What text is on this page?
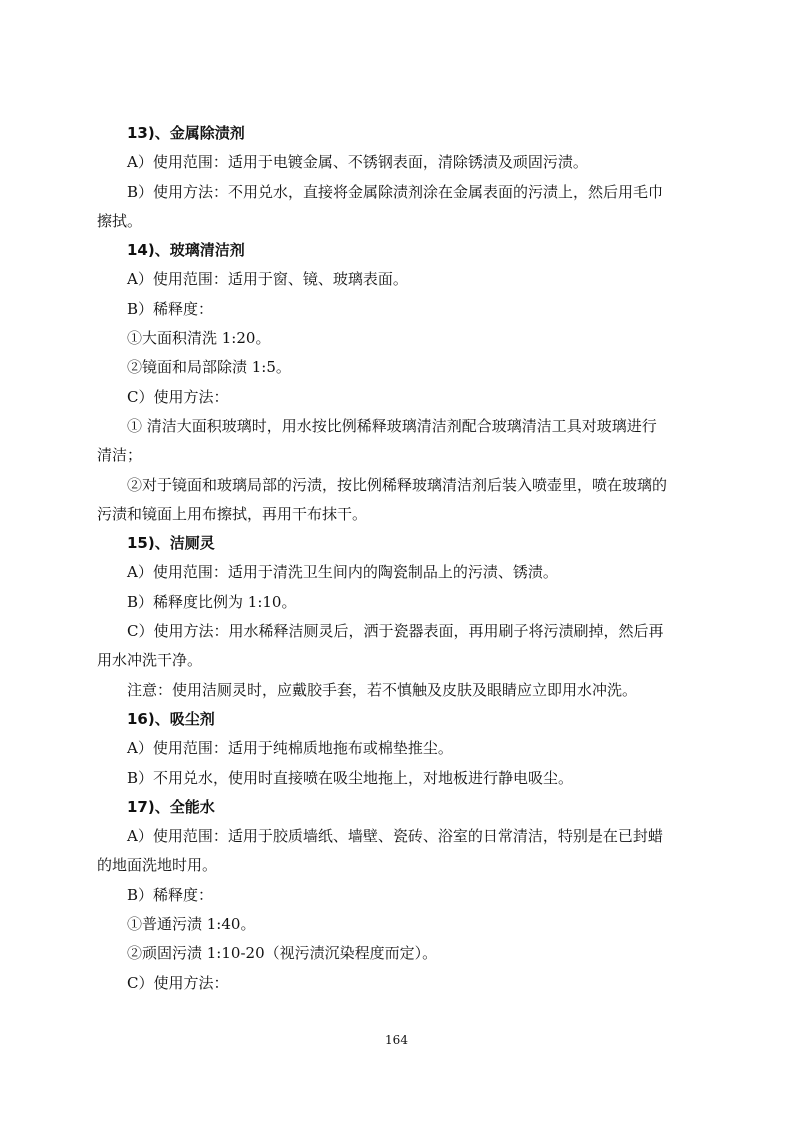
13)、金属除渍剂
A）使用范围：适用于电镀金属、不锈钢表面，清除锈渍及顽固污渍。
B）使用方法：不用兑水，直接将金属除渍剂涂在金属表面的污渍上，然后用毛巾
擦拭。
14)、玻璃清洁剂
A）使用范围：适用于窗、镜、玻璃表面。
B）稀释度：
①大面积清洗 1:20。
②镜面和局部除渍 1:5。
C）使用方法：
① 清洁大面积玻璃时，用水按比例稀释玻璃清洁剂配合玻璃清洁工具对玻璃进行
清洁；
②对于镜面和玻璃局部的污渍，按比例稀释玻璃清洁剂后装入喷壶里，喷在玻璃的
污渍和镜面上用布擦拭，再用干布抹干。
15)、洁厕灵
A）使用范围：适用于清洗卫生间内的陶瓷制品上的污渍、锈渍。
B）稀释度比例为 1:10。
C）使用方法：用水稀释洁厕灵后，洒于瓷器表面，再用刷子将污渍刷掉，然后再
用水冲洗干净。
注意：使用洁厕灵时，应戴胶手套，若不慎触及皮肤及眼睛应立即用水冲洗。
16)、吸尘剂
A）使用范围：适用于纯棉质地拖布或棉垫推尘。
B）不用兑水，使用时直接喷在吸尘地拖上，对地板进行静电吸尘。
17)、全能水
A）使用范围：适用于胶质墙纸、墙壁、瓷砖、浴室的日常清洁，特别是在已封蜡
的地面洗地时用。
B）稀释度：
①普通污渍 1:40。
②顽固污渍 1:10-20（视污渍沉染程度而定）。
C）使用方法：
164
